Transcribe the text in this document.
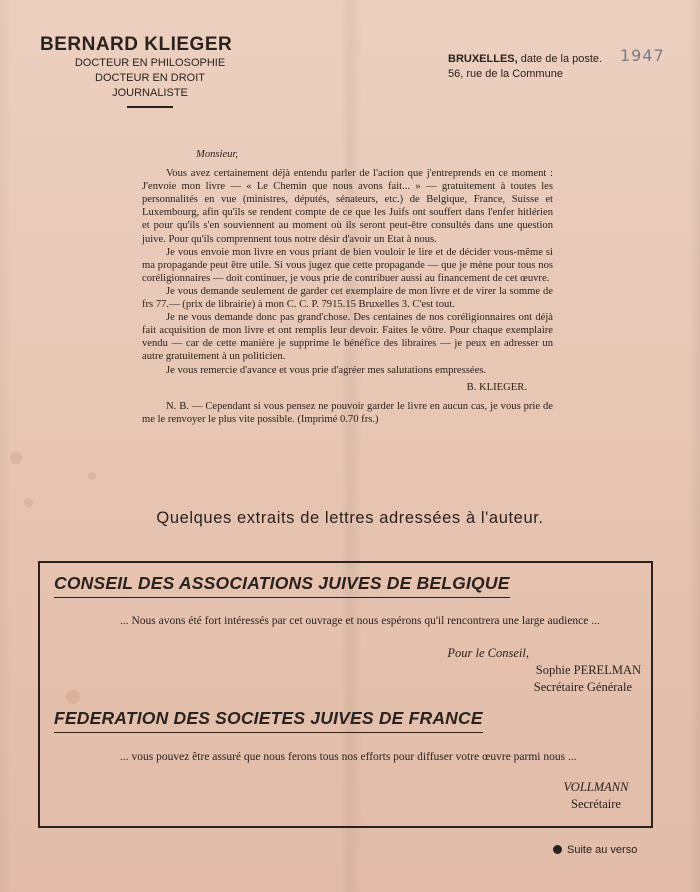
BERNARD KLIEGER
DOCTEUR EN PHILOSOPHIE
DOCTEUR EN DROIT
JOURNALISTE
BRUXELLES, date de la poste.
56, rue de la Commune
1947
Monsieur,

Vous avez certainement déjà entendu parler de l'action que j'entreprends en ce moment : J'envoie mon livre — « Le Chemin que nous avons fait... » — gratuitement à toutes les personnalités en vue (ministres, députés, sénateurs, etc.) de Belgique, France, Suisse et Luxembourg, afin qu'ils se rendent compte de ce que les Juifs ont souffert dans l'enfer hitlérien et pour qu'ils s'en souviennent au moment où ils seront peut-être consultés dans une question juive. Pour qu'ils comprennent tous notre désir d'avoir un Etat à nous.

Je vous envoie mon livre en vous priant de bien vouloir le lire et de décider vous-même si ma propagande peut être utile. Si vous jugez que cette propagande — que je mène pour tous nos coréligionnaires — doit continuer, je vous prie de contribuer aussi au financement de cet œuvre.

Je vous demande seulement de garder cet exemplaire de mon livre et de virer la somme de frs 77.— (prix de librairie) à mon C. C. P. 7915.15 Bruxelles 3. C'est tout.

Je ne vous demande donc pas grand'chose. Des centaines de nos coréligionnaires ont déjà fait acquisition de mon livre et ont remplis leur devoir. Faites le vôtre. Pour chaque exemplaire vendu — car de cette manière je supprime le bénéfice des libraires — je peux en adresser un autre gratuitement à un politicien.

Je vous remercie d'avance et vous prie d'agréer mes salutations empressées.

B. KLIEGER.

N. B. — Cependant si vous pensez ne pouvoir garder le livre en aucun cas, je vous prie de me le renvoyer le plus vite possible. (Imprimé 0.70 frs.)

Quelques extraits de lettres adressées à l'auteur.
CONSEIL DES ASSOCIATIONS JUIVES DE BELGIQUE
... Nous avons été fort intéressés par cet ouvrage et nous espérons qu'il rencontrera une large audience ...
Pour le Conseil,
Sophie PERELMAN
Secrétaire Générale
FEDERATION DES SOCIETES JUIVES DE FRANCE
... vous pouvez être assuré que nous ferons tous nos efforts pour diffuser votre œuvre parmi nous ...
VOLLMANN
Secrétaire
Suite au verso
